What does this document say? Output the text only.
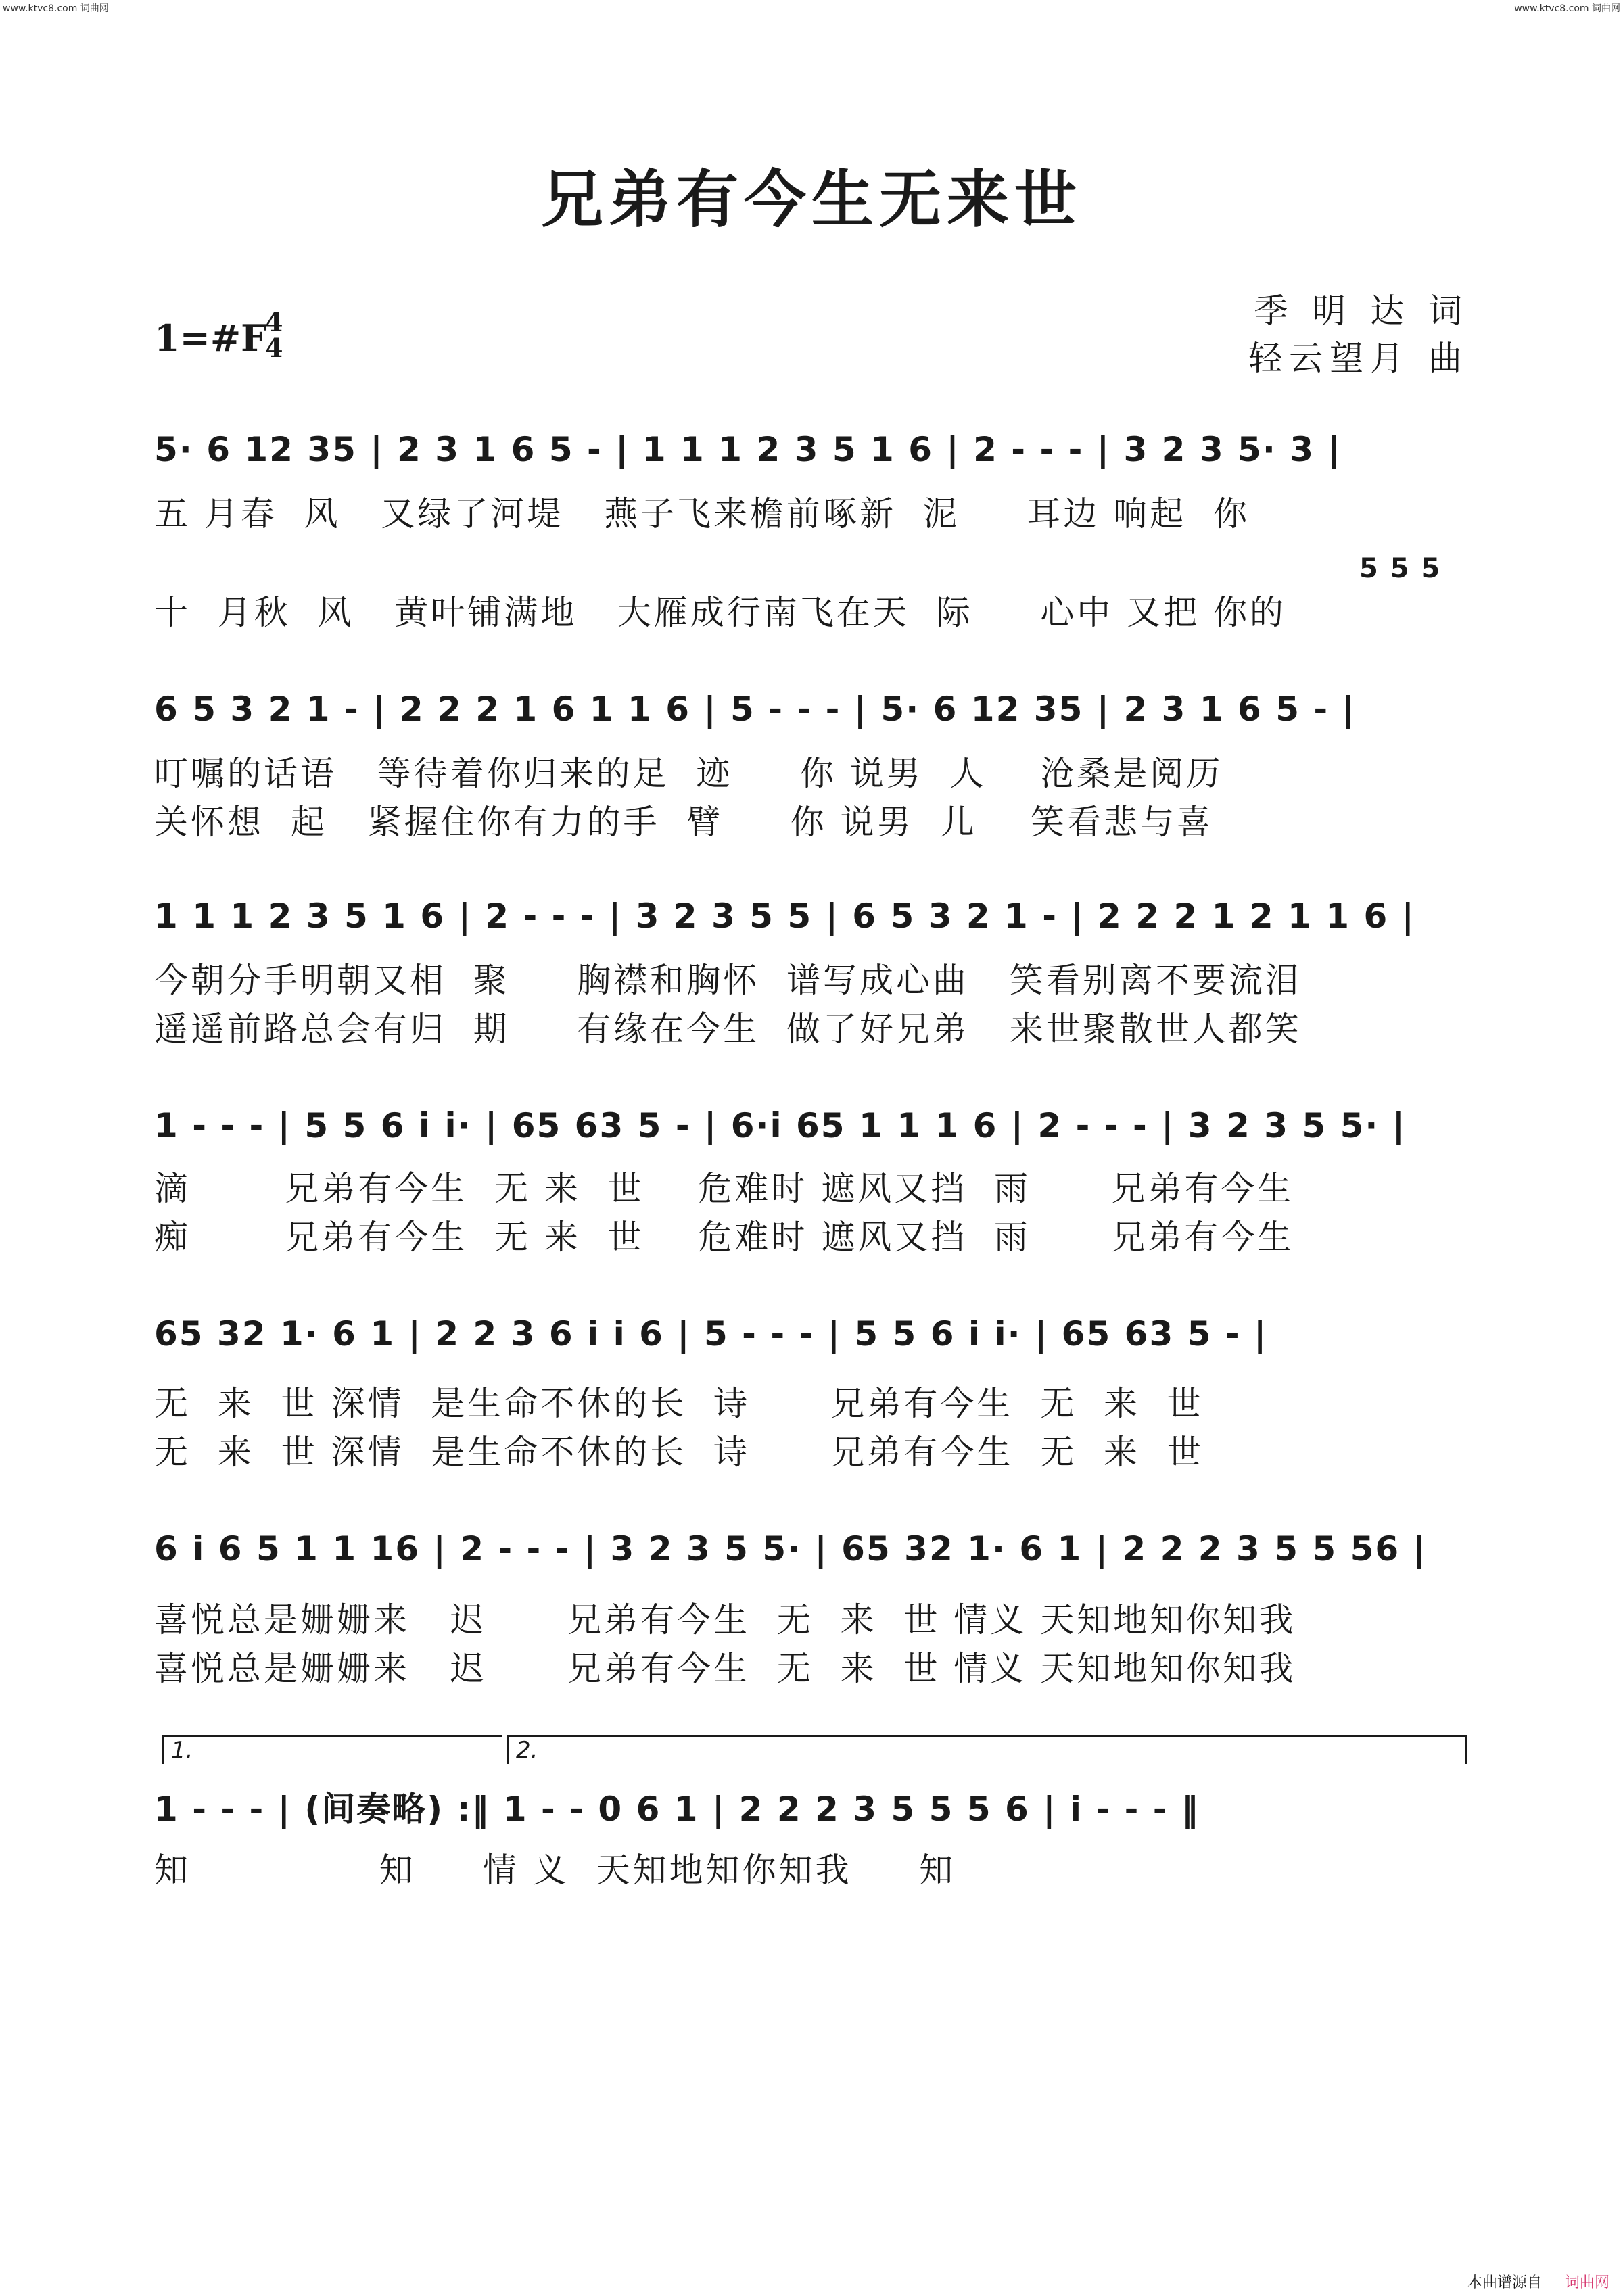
www.ktvc8.com 词曲网	www.ktvc8.com 词曲网
兄弟有今生无来世
季 明 达 词
轻云望月 曲
1=#F
4
4
5· 6 12 35 | 2 3 1 6 5 - | 1 1 1 2 3 5 1 6 | 2 - - - | 3 2 3 5· 3 |
五 月春  风   又绿了河堤   燕子飞来檐前啄新  泥     耳边 响起  你
5 5 5
十  月秋  风   黄叶铺满地   大雁成行南飞在天  际     心中 又把 你的
6 5 3 2 1 - | 2 2 2 1 6 1 1 6 | 5 - - - | 5· 6 12 35 | 2 3 1 6 5 - |
叮嘱的话语   等待着你归来的足  迹     你 说男  人    沧桑是阅历
关怀想  起   紧握住你有力的手  臂     你 说男  儿    笑看悲与喜
1 1 1 2 3 5 1 6 | 2 - - - | 3 2 3 5 5 | 6 5 3 2 1 - | 2 2 2 1 2 1 1 6 |
今朝分手明朝又相  聚     胸襟和胸怀  谱写成心曲   笑看别离不要流泪
遥遥前路总会有归  期     有缘在今生  做了好兄弟   来世聚散世人都笑
1 - - - | 5 5 6 i i· | 65 63 5 - | 6·i 65 1 1 1 6 | 2 - - - | 3 2 3 5 5· |
滴       兄弟有今生  无 来  世    危难时 遮风又挡  雨      兄弟有今生
痴       兄弟有今生  无 来  世    危难时 遮风又挡  雨      兄弟有今生
65 32 1· 6 1 | 2 2 3 6 i i 6 | 5 - - - | 5 5 6 i i· | 65 63 5 - |
无  来  世 深情  是生命不休的长  诗      兄弟有今生  无  来  世
无  来  世 深情  是生命不休的长  诗      兄弟有今生  无  来  世
6 i 6 5 1 1 16 | 2 - - - | 3 2 3 5 5· | 65 32 1· 6 1 | 2 2 2 3 5 5 56 |
喜悦总是姗姗来   迟      兄弟有今生  无  来  世 情义 天知地知你知我
喜悦总是姗姗来   迟      兄弟有今生  无  来  世 情义 天知地知你知我
1.	2.
1 - - - | (间奏略) :‖ 1 - - 0 6 1 | 2 2 2 3 5 5 5 6 | i - - - ‖
知              知     情 义  天知地知你知我     知
本曲谱源自 词曲网
